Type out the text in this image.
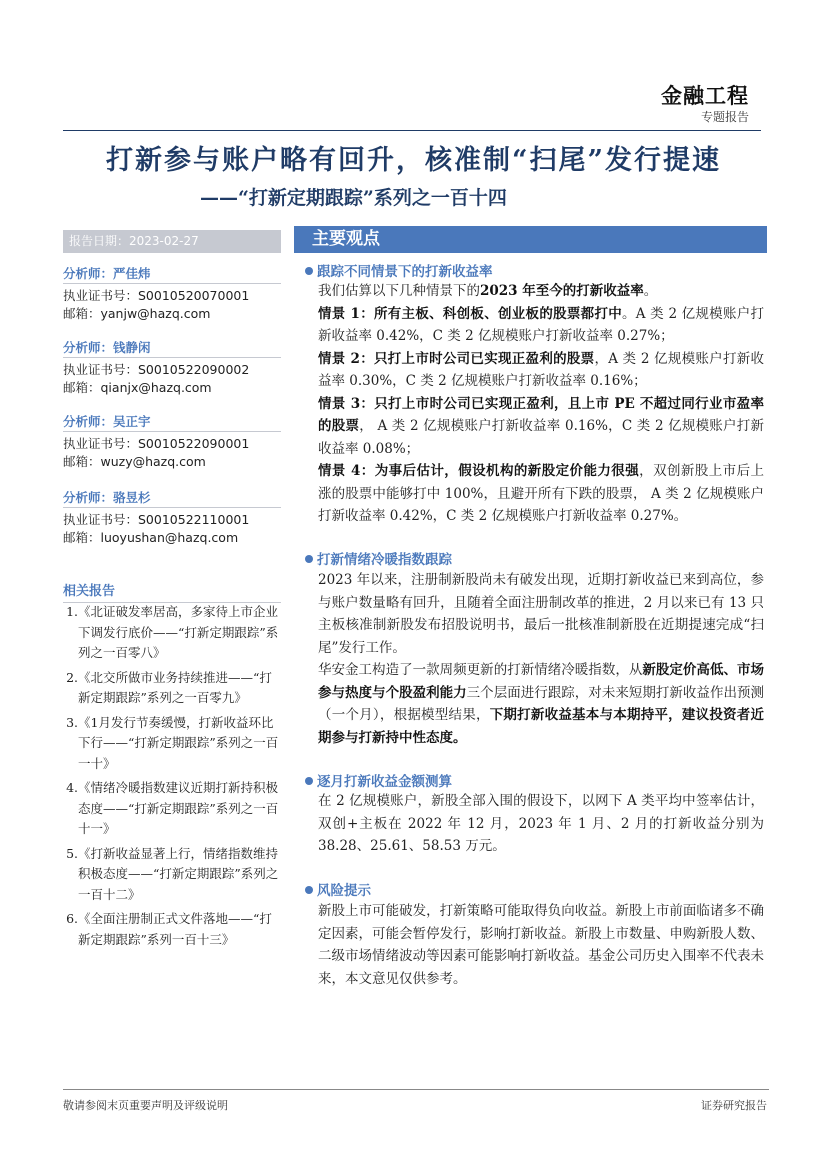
金融工程
专题报告
打新参与账户略有回升，核准制“扫尾”发行提速
——“打新定期跟踪”系列之一百十四
报告日期：2023-02-27	主要观点
分析师：严佳炜
执业证书号：S0010520070001
邮箱：yanjw@hazq.com
分析师：钱静闲
执业证书号：S0010522090002
邮箱：qianjx@hazq.com
分析师：吴正宇
执业证书号：S0010522090001
邮箱：wuzy@hazq.com
分析师：骆昱杉
执业证书号：S0010522110001
邮箱：luoyushan@hazq.com
相关报告
1. 《北证破发率居高，多家待上市企业下调发行底价——“打新定期跟踪”系列之一百零八》
2. 《北交所做市业务持续推进——“打新定期跟踪”系列之一百零九》
3. 《1月发行节奏缓慢，打新收益环比下行——“打新定期跟踪”系列之一百一十》
4. 《情绪冷暖指数建议近期打新持积极态度——“打新定期跟踪”系列之一百十一》
5. 《打新收益显著上行，情绪指数维持积极态度——“打新定期跟踪”系列之一百十二》
6. 《全面注册制正式文件落地——“打新定期跟踪”系列一百十三》
跟踪不同情景下的打新收益率

我们估算以下几种情景下的2023 年至今的打新收益率。

情景 1：所有主板、科创板、创业板的股票都打中。A 类 2 亿规模账户打新收益率 0.42%，C 类 2 亿规模账户打新收益率 0.27%；

情景 2：只打上市时公司已实现正盈利的股票，A 类 2 亿规模账户打新收益率 0.30%，C 类 2 亿规模账户打新收益率 0.16%；

情景 3：只打上市时公司已实现正盈利，且上市 PE 不超过同行业市盈率的股票， A 类 2 亿规模账户打新收益率 0.16%，C 类 2 亿规模账户打新收益率 0.08%；

情景 4：为事后估计，假设机构的新股定价能力很强，双创新股上市后上涨的股票中能够打中 100%，且避开所有下跌的股票， A 类 2 亿规模账户打新收益率 0.42%，C 类 2 亿规模账户打新收益率 0.27%。

打新情绪冷暖指数跟踪

2023 年以来，注册制新股尚未有破发出现，近期打新收益已来到高位，参与账户数量略有回升，且随着全面注册制改革的推进，2 月以来已有 13 只主板核准制新股发布招股说明书，最后一批核准制新股在近期提速完成“扫尾”发行工作。

华安金工构造了一款周频更新的打新情绪冷暖指数，从新股定价高低、市场参与热度与个股盈利能力三个层面进行跟踪，对未来短期打新收益作出预测（一个月），根据模型结果，下期打新收益基本与本期持平，建议投资者近期参与打新持中性态度。

逐月打新收益金额测算

在 2 亿规模账户，新股全部入围的假设下，以网下 A 类平均中签率估计，双创+主板在 2022 年 12 月，2023 年 1 月、2 月的打新收益分别为 38.28、25.61、58.53 万元。

风险提示

新股上市可能破发，打新策略可能取得负向收益。新股上市前面临诸多不确定因素，可能会暂停发行，影响打新收益。新股上市数量、申购新股人数、二级市场情绪波动等因素可能影响打新收益。基金公司历史入围率不代表未来，本文意见仅供参考。

敬请参阅末页重要声明及评级说明	证券研究报告
